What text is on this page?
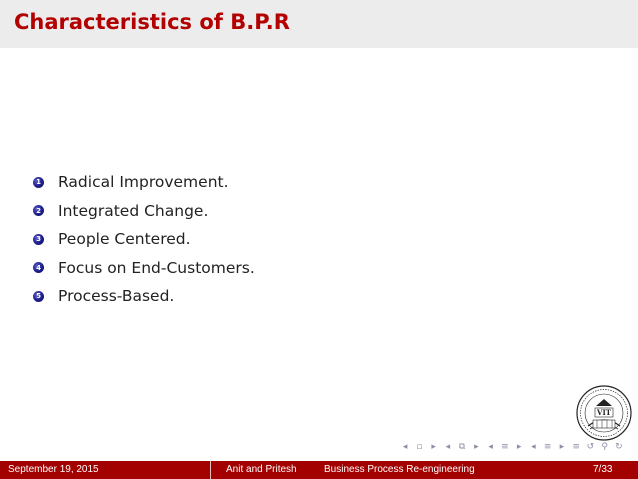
Characteristics of B.P.R
1 Radical Improvement.
2 Integrated Change.
3 People Centered.
4 Focus on End-Customers.
5 Process-Based.
VIT
◂ ▫ ▸	◂ ⧉ ▸	◂ ≡ ▸	◂ ≡ ▸ ≡ ↺ ⚲ ↻
September 19, 2015	Anit and Pritesh	Business Process Re-engineering	7/33
